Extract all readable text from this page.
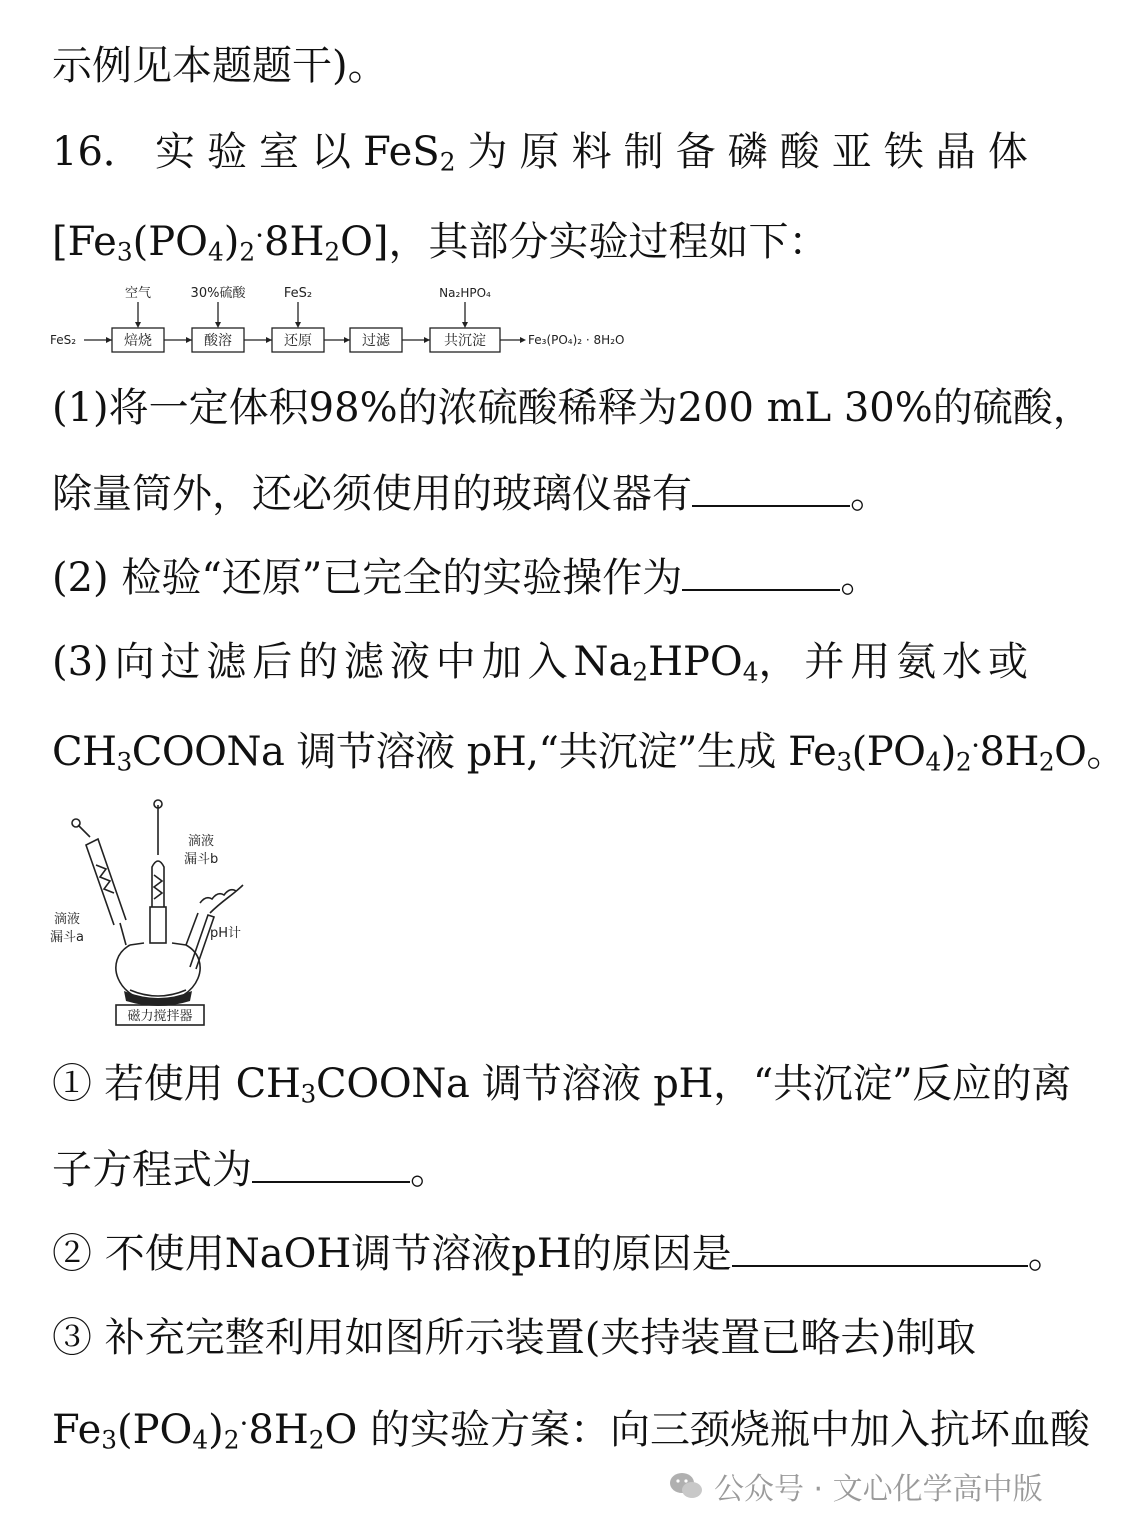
示例见本题题干)。
16． 实 验 室 以 FeS$_2$ 为 原 料 制 备 磷 酸 亚 铁 晶 体
$[Fe_3(PO_4)_2^\cdot 8H_2O]$，其部分实验过程如下：
FeS₂	焙烧	酸溶	还原	过滤	共沉淀
空气	30%硫酸	FeS₂	Na₂HPO₄
Fe₃(PO₄)₂ · 8H₂O
(1) 将一定体积 98% 的浓硫酸稀释为 200 mL 30% 的硫酸，
除量筒外，还必须使用的玻璃仪器有	。
(2) 检验“还原”已完全的实验操作为	。
(3) 向 过 滤 后 的 滤 液 中 加 入 $Na_2HPO_4$， 并 用 氨 水 或
$CH_3COONa$ 调节溶液 pH,“共沉淀”生成 $Fe_3(PO_4)_2^\cdot 8H_2O$。
滴液
漏斗b
滴液
漏斗a	pH计
磁力搅拌器
① 若使用 $CH_3COONa$ 调节溶液 pH，“共沉淀”反应的离
子方程式为	。
② 不使用NaOH调节溶液pH的原因是	。
③ 补充完整利用如图所示装置(夹持装置已略去)制取
$Fe_3(PO_4)_2^\cdot 8H_2O$ 的实验方案：向三颈烧瓶中加入抗坏血酸
公众号 · 文心化学高中版
